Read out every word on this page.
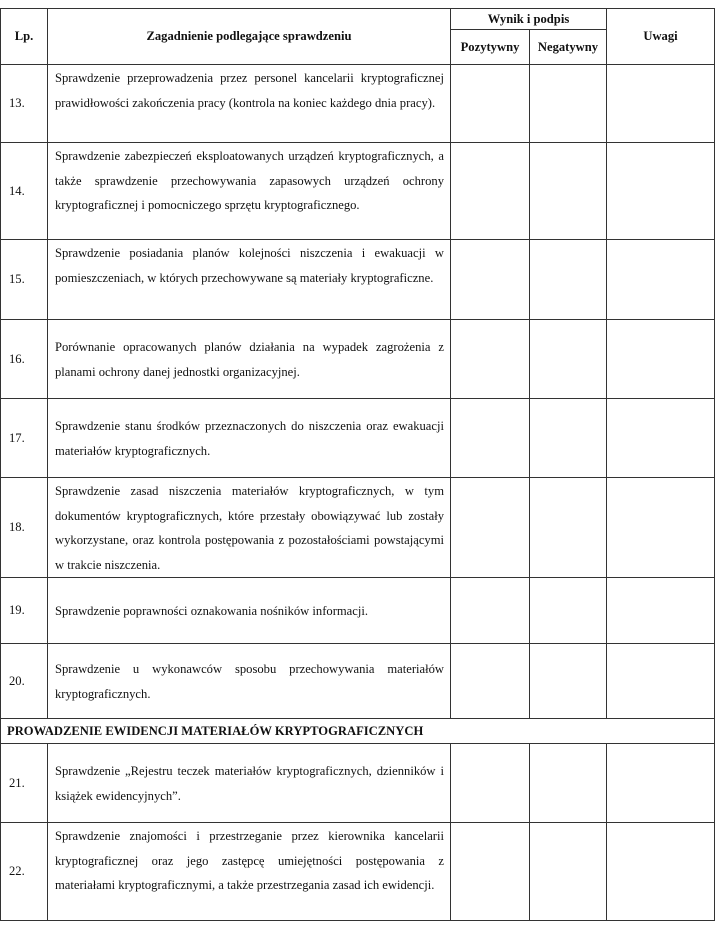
Lp.	Zagadnienie podlegające sprawdzeniu	Wynik i podpis		Uwagi
		Pozytywny	Negatywny	
13.	Sprawdzenie przeprowadzenia przez personel kancelarii kryptograficznej prawidłowości zakończenia pracy (kontrola na koniec każdego dnia pracy).			
14.	Sprawdzenie zabezpieczeń eksploatowanych urządzeń kryptograficznych, a także sprawdzenie przechowywania zapasowych urządzeń ochrony kryptograficznej i pomocniczego sprzętu kryptograficznego.			
15.	Sprawdzenie posiadania planów kolejności niszczenia i ewakuacji w pomieszczeniach, w których przechowywane są materiały kryptograficzne.			
16.	Porównanie opracowanych planów działania na wypadek zagrożenia z planami ochrony danej jednostki organizacyjnej.			
17.	Sprawdzenie stanu środków przeznaczonych do niszczenia oraz ewakuacji materiałów kryptograficznych.			
18.	Sprawdzenie zasad niszczenia materiałów kryptograficznych, w tym dokumentów kryptograficznych, które przestały obowiązywać lub zostały wykorzystane, oraz kontrola postępowania z pozostałościami powstającymi w trakcie niszczenia.			
19.	Sprawdzenie poprawności oznakowania nośników informacji.			
20.	Sprawdzenie u wykonawców sposobu przechowywania materiałów kryptograficznych.			
PROWADZENIE EWIDENCJI MATERIAŁÓW KRYPTOGRAFICZNYCH				
21.	Sprawdzenie „Rejestru teczek materiałów kryptograficznych, dzienników i książek ewidencyjnych”.			
22.	Sprawdzenie znajomości i przestrzeganie przez kierownika kancelarii kryptograficznej oraz jego zastępcę umiejętności postępowania z materiałami kryptograficznymi, a także przestrzegania zasad ich ewidencji.			
